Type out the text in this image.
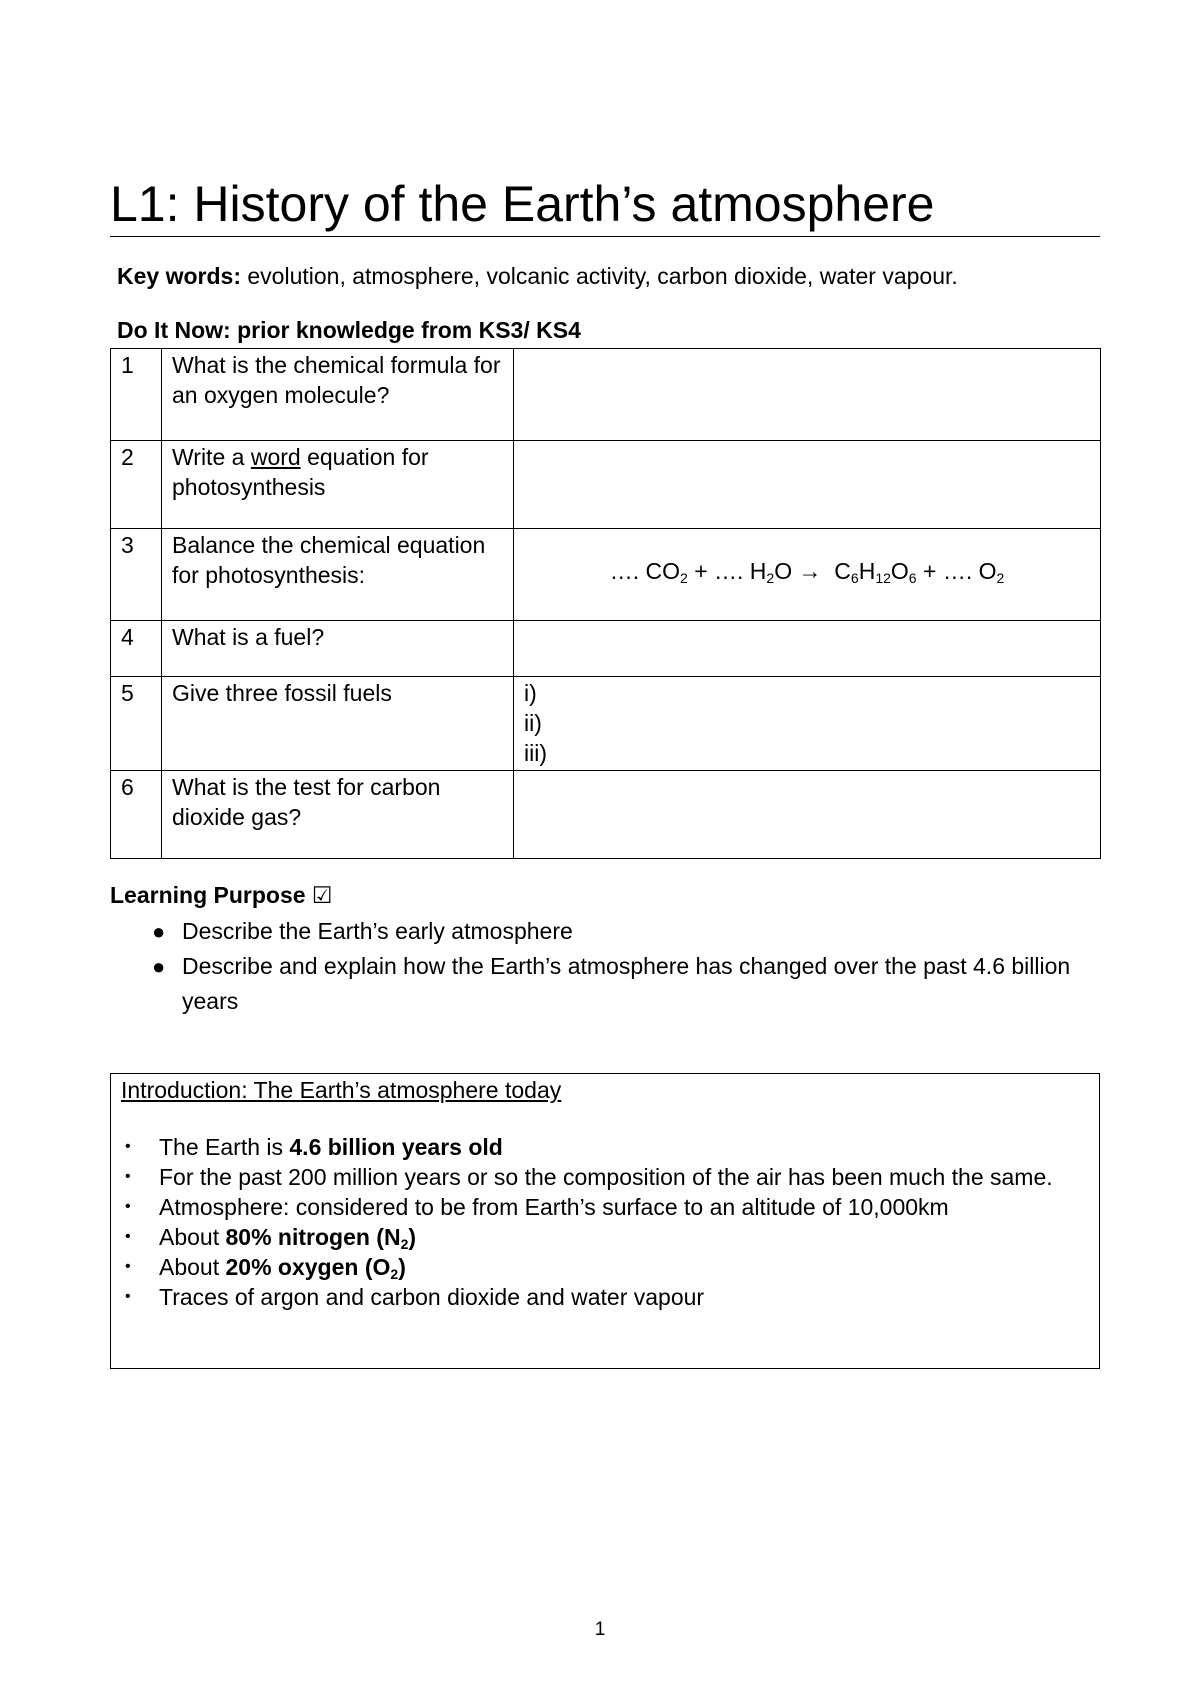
L1: History of the Earth’s atmosphere
Key words: evolution, atmosphere, volcanic activity, carbon dioxide, water vapour.
Do It Now: prior knowledge from KS3/ KS4
1	What is the chemical formula for an oxygen molecule?	
2	Write a word equation for photosynthesis	
3	Balance the chemical equation for photosynthesis:	…. $CO_2$ + …. $H_2O \to C_6H_{12}O_6$ + …. $O_2$

4	What is a fuel?	
5	Give three fossil fuels	i)
ii)
iii)

6	What is the test for carbon dioxide gas?	
Learning Purpose ☑
● Describe the Earth’s early atmosphere
● Describe and explain how the Earth’s atmosphere has changed over the past 4.6 billion years
Introduction: The Earth’s atmosphere today
• The Earth is 4.6 billion years old
• For the past 200 million years or so the composition of the air has been much the same.
• Atmosphere: considered to be from Earth’s surface to an altitude of 10,000km
• About 80% nitrogen $(N_2)$
• About 20% oxygen $(O_2)$
• Traces of argon and carbon dioxide and water vapour
1
